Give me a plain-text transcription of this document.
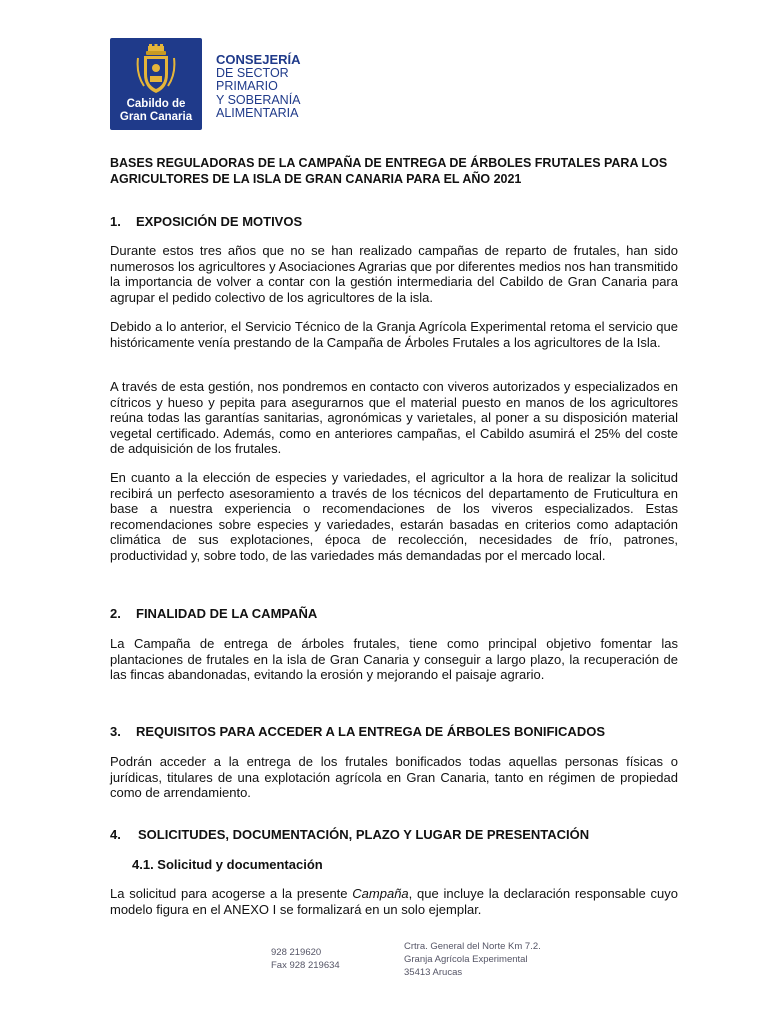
Cabildo de
Gran Canaria
CONSEJERÍA
DE SECTOR
PRIMARIO
Y SOBERANÍA
ALIMENTARIA
BASES REGULADORAS DE LA CAMPAÑA DE ENTREGA DE ÁRBOLES FRUTALES PARA LOS AGRICULTORES DE LA ISLA DE GRAN CANARIA PARA EL AÑO 2021
1. EXPOSICIÓN DE MOTIVOS
Durante estos tres años que no se han realizado campañas de reparto de frutales, han sido numerosos los agricultores y Asociaciones Agrarias que por diferentes medios nos han transmitido la importancia de volver a contar con la gestión intermediaria del Cabildo de Gran Canaria para agrupar el pedido colectivo de los agricultores de la isla.
Debido a lo anterior, el Servicio Técnico de la Granja Agrícola Experimental retoma el servicio que históricamente venía prestando de la Campaña de Árboles Frutales a los agricultores de la Isla.
A través de esta gestión, nos pondremos en contacto con viveros autorizados y especializados en cítricos y hueso y pepita para asegurarnos que el material puesto en manos de los agricultores reúna todas las garantías sanitarias, agronómicas y varietales, al poner a su disposición material vegetal certificado. Además, como en anteriores campañas, el Cabildo asumirá el 25% del coste de adquisición de los frutales.
En cuanto a la elección de especies y variedades, el agricultor a la hora de realizar la solicitud recibirá un perfecto asesoramiento a través de los técnicos del departamento de Fruticultura en base a nuestra experiencia o recomendaciones de los viveros especializados. Estas recomendaciones sobre especies y variedades, estarán basadas en criterios como adaptación climática de sus explotaciones, época de recolección, necesidades de frío, patrones, productividad y, sobre todo, de las variedades más demandadas por el mercado local.
2. FINALIDAD DE LA CAMPAÑA
La Campaña de entrega de árboles frutales, tiene como principal objetivo fomentar las plantaciones de frutales en la isla de Gran Canaria y conseguir a largo plazo, la recuperación de las fincas abandonadas, evitando la erosión y mejorando el paisaje agrario.
3. REQUISITOS PARA ACCEDER A LA ENTREGA DE ÁRBOLES BONIFICADOS
Podrán acceder a la entrega de los frutales bonificados todas aquellas personas físicas o jurídicas, titulares de una explotación agrícola en Gran Canaria, tanto en régimen de propiedad como de arrendamiento.
4. SOLICITUDES, DOCUMENTACIÓN, PLAZO Y LUGAR DE PRESENTACIÓN
4.1. Solicitud y documentación
La solicitud para acogerse a la presente Campaña, que incluye la declaración responsable cuyo modelo figura en el ANEXO I se formalizará en un solo ejemplar.
928 219620
Fax 928 219634
Crtra. General del Norte Km 7.2.
Granja Agrícola Experimental
35413 Arucas
